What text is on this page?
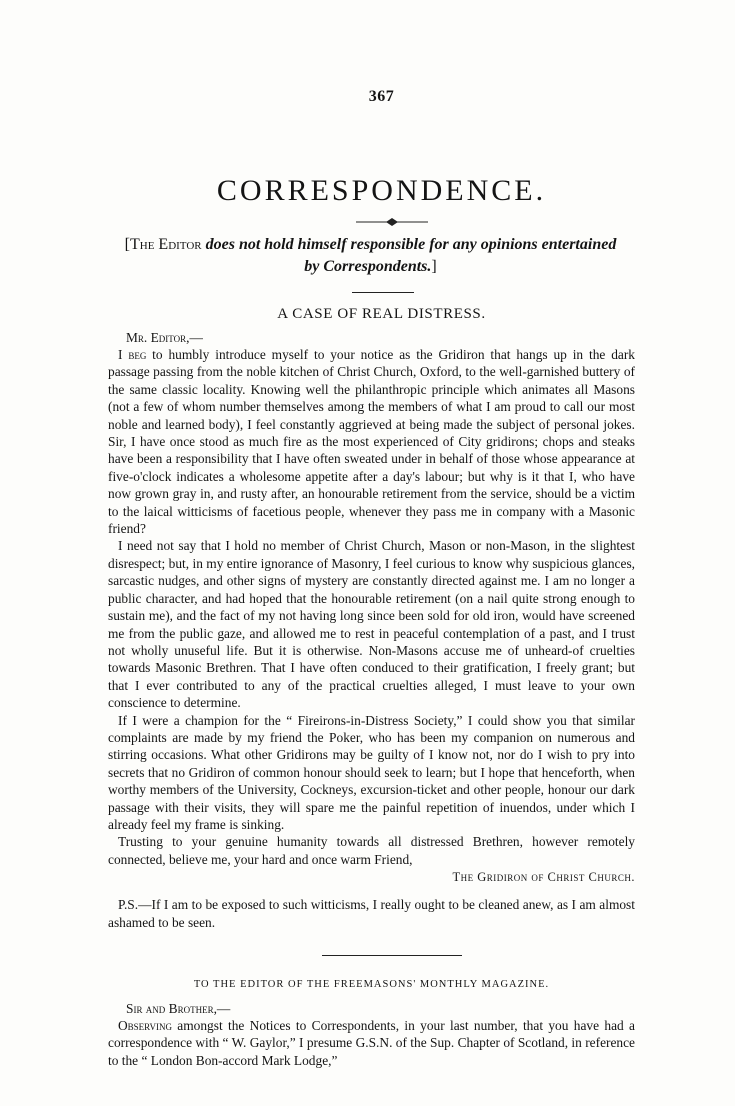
367
CORRESPONDENCE.

[The Editor does not hold himself responsible for any opinions entertained by Correspondents.]

A CASE OF REAL DISTRESS.
Mr. Editor,—

I beg to humbly introduce myself to your notice as the Gridiron that hangs up in the dark passage passing from the noble kitchen of Christ Church, Oxford, to the well-garnished buttery of the same classic locality. Knowing well the philanthropic principle which animates all Masons (not a few of whom number themselves among the members of what I am proud to call our most noble and learned body), I feel constantly aggrieved at being made the subject of personal jokes. Sir, I have once stood as much fire as the most experienced of City gridirons; chops and steaks have been a responsibility that I have often sweated under in behalf of those whose appearance at five-o'clock indicates a wholesome appetite after a day's labour; but why is it that I, who have now grown gray in, and rusty after, an honourable retirement from the service, should be a victim to the laical witticisms of facetious people, whenever they pass me in company with a Masonic friend?

I need not say that I hold no member of Christ Church, Mason or non-Mason, in the slightest disrespect; but, in my entire ignorance of Masonry, I feel curious to know why suspicious glances, sarcastic nudges, and other signs of mystery are constantly directed against me. I am no longer a public character, and had hoped that the honourable retirement (on a nail quite strong enough to sustain me), and the fact of my not having long since been sold for old iron, would have screened me from the public gaze, and allowed me to rest in peaceful contemplation of a past, and I trust not wholly unuseful life. But it is otherwise. Non-Masons accuse me of unheard-of cruelties towards Masonic Brethren. That I have often conduced to their gratification, I freely grant; but that I ever contributed to any of the practical cruelties alleged, I must leave to your own conscience to determine.

If I were a champion for the “ Fireirons-in-Distress Society,” I could show you that similar complaints are made by my friend the Poker, who has been my companion on numerous and stirring occasions. What other Gridirons may be guilty of I know not, nor do I wish to pry into secrets that no Gridiron of common honour should seek to learn; but I hope that henceforth, when worthy members of the University, Cockneys, excursion-ticket and other people, honour our dark passage with their visits, they will spare me the painful repetition of inuendos, under which I already feel my frame is sinking.

Trusting to your genuine humanity towards all distressed Brethren, however remotely connected, believe me, your hard and once warm Friend,

The Gridiron of Christ Church.

P.S.—If I am to be exposed to such witticisms, I really ought to be cleaned anew, as I am almost ashamed to be seen.

TO THE EDITOR OF THE FREEMASONS' MONTHLY MAGAZINE.
Sir and Brother,—

Observing amongst the Notices to Correspondents, in your last number, that you have had a correspondence with “ W. Gaylor,” I presume G.S.N. of the Sup. Chapter of Scotland, in reference to the “ London Bon-accord Mark Lodge,”
